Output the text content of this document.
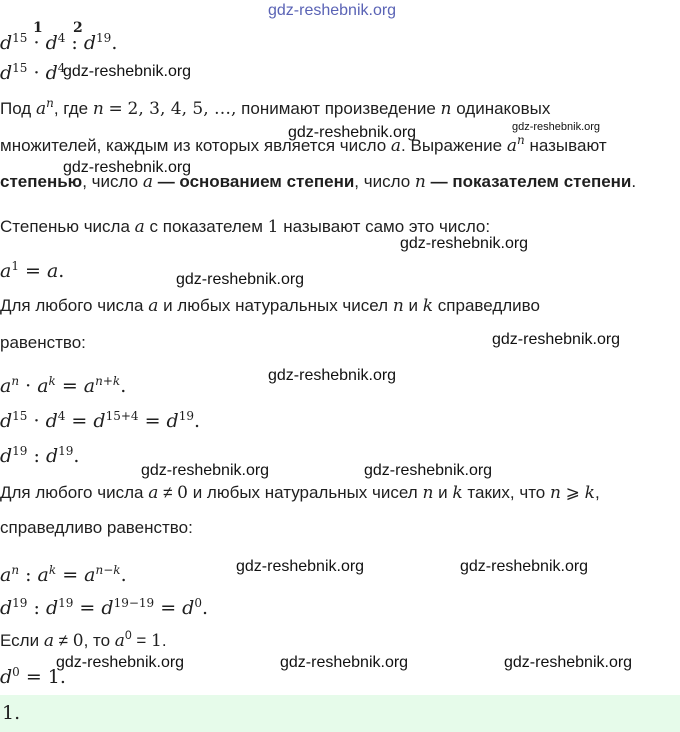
gdz-reshebnik.org
$d^{15} \cdot d^4$ : $d^{19}$.
1 2
$d^{15} \cdot d^4$
gdz-reshebnik.org
Под $a^n$, где n = 2, 3, 4, 5, …, понимают произведение n одинаковых
gdz-reshebnik.org	gdz-reshebnik.org
множителей, каждым из которых является число a. Выражение $a^n$ называют
gdz-reshebnik.org
степенью, число a — основанием степени, число n — показателем степени.
Степенью числа a с показателем 1 называют само это число:
gdz-reshebnik.org
$a^1 = a$.	gdz-reshebnik.org
Для любого числа a и любых натуральных чисел n и k справедливо
равенство:	gdz-reshebnik.org
$a^n \cdot a^k = a^{n+k}$.	gdz-reshebnik.org
$d^{15} \cdot d^4 = d^{15+4} = d^{19}$.
$d^{19}$ : $d^{19}$.
gdz-reshebnik.org	gdz-reshebnik.org
Для любого числа a ≠ 0 и любых натуральных чисел n и k таких, что n ⩾ k,
справедливо равенство:
$a^n$ : $a^k = a^{n-k}$.	gdz-reshebnik.org	gdz-reshebnik.org
$d^{19}$ : $d^{19} = d^{19-19} = d^0$.
Если a ≠ 0, то $a^0 = 1$.
gdz-reshebnik.org	gdz-reshebnik.org	gdz-reshebnik.org
$d^0 = 1$.
1.
